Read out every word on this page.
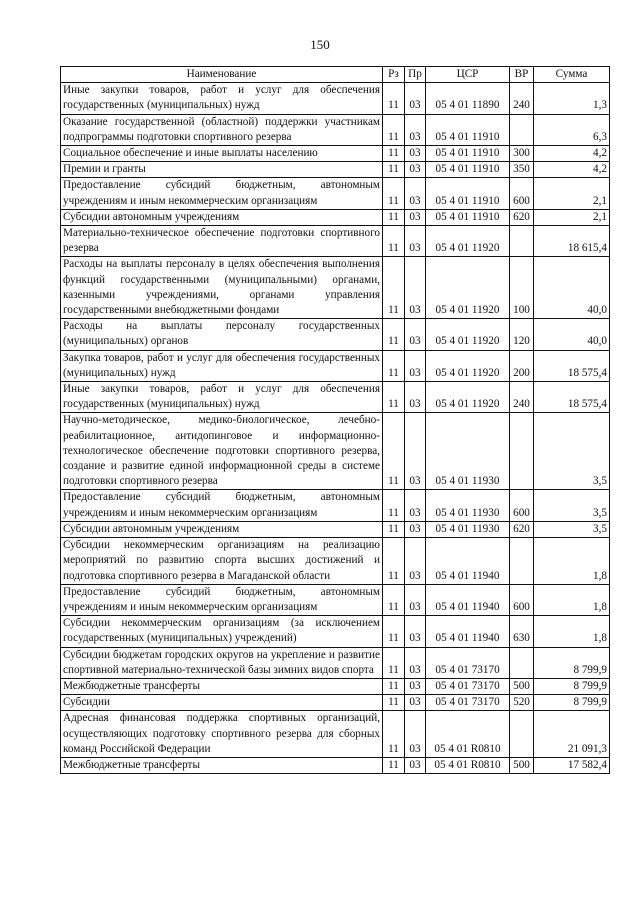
150
Наименование	Рз	Пр	ЦСР	ВР	Сумма
Иные закупки товаров, работ и услуг для обеспечения государственных (муниципальных) нужд	11	03	05 4 01 11890	240	1,3
Оказание государственной (областной) поддержки участникам подпрограммы подготовки спортивного резерва	11	03	05 4 01 11910		6,3
Социальное обеспечение и иные выплаты населению	11	03	05 4 01 11910	300	4,2
Премии и гранты	11	03	05 4 01 11910	350	4,2
Предоставление субсидий бюджетным, автономным учреждениям и иным некоммерческим организациям	11	03	05 4 01 11910	600	2,1
Субсидии автономным учреждениям	11	03	05 4 01 11910	620	2,1
Материально-техническое обеспечение подготовки спортивного резерва	11	03	05 4 01 11920		18 615,4
Расходы на выплаты персоналу в целях обеспечения выполнения функций государственными (муниципальными) органами, казенными учреждениями, органами управления государственными внебюджетными фондами	11	03	05 4 01 11920	100	40,0
Расходы на выплаты персоналу государственных (муниципальных) органов	11	03	05 4 01 11920	120	40,0
Закупка товаров, работ и услуг для обеспечения государственных (муниципальных) нужд	11	03	05 4 01 11920	200	18 575,4
Иные закупки товаров, работ и услуг для обеспечения государственных (муниципальных) нужд	11	03	05 4 01 11920	240	18 575,4
Научно-методическое, медико-биологическое, лечебно-реабилитационное, антидопинговое и информационно-технологическое обеспечение подготовки спортивного резерва, создание и развитие единой информационной среды в системе подготовки спортивного резерва	11	03	05 4 01 11930		3,5
Предоставление субсидий бюджетным, автономным учреждениям и иным некоммерческим организациям	11	03	05 4 01 11930	600	3,5
Субсидии автономным учреждениям	11	03	05 4 01 11930	620	3,5
Субсидии некоммерческим организациям на реализацию мероприятий по развитию спорта высших достижений и подготовка спортивного резерва в Магаданской области	11	03	05 4 01 11940		1,8
Предоставление субсидий бюджетным, автономным учреждениям и иным некоммерческим организациям	11	03	05 4 01 11940	600	1,8
Субсидии некоммерческим организациям (за исключением государственных (муниципальных) учреждений)	11	03	05 4 01 11940	630	1,8
Субсидии бюджетам городских округов на укрепление и развитие спортивной материально-технической базы зимних видов спорта	11	03	05 4 01 73170		8 799,9
Межбюджетные трансферты	11	03	05 4 01 73170	500	8 799,9
Субсидии	11	03	05 4 01 73170	520	8 799,9
Адресная финансовая поддержка спортивных организаций, осуществляющих подготовку спортивного резерва для сборных команд Российской Федерации	11	03	05 4 01 R0810		21 091,3
Межбюджетные трансферты	11	03	05 4 01 R0810	500	17 582,4
